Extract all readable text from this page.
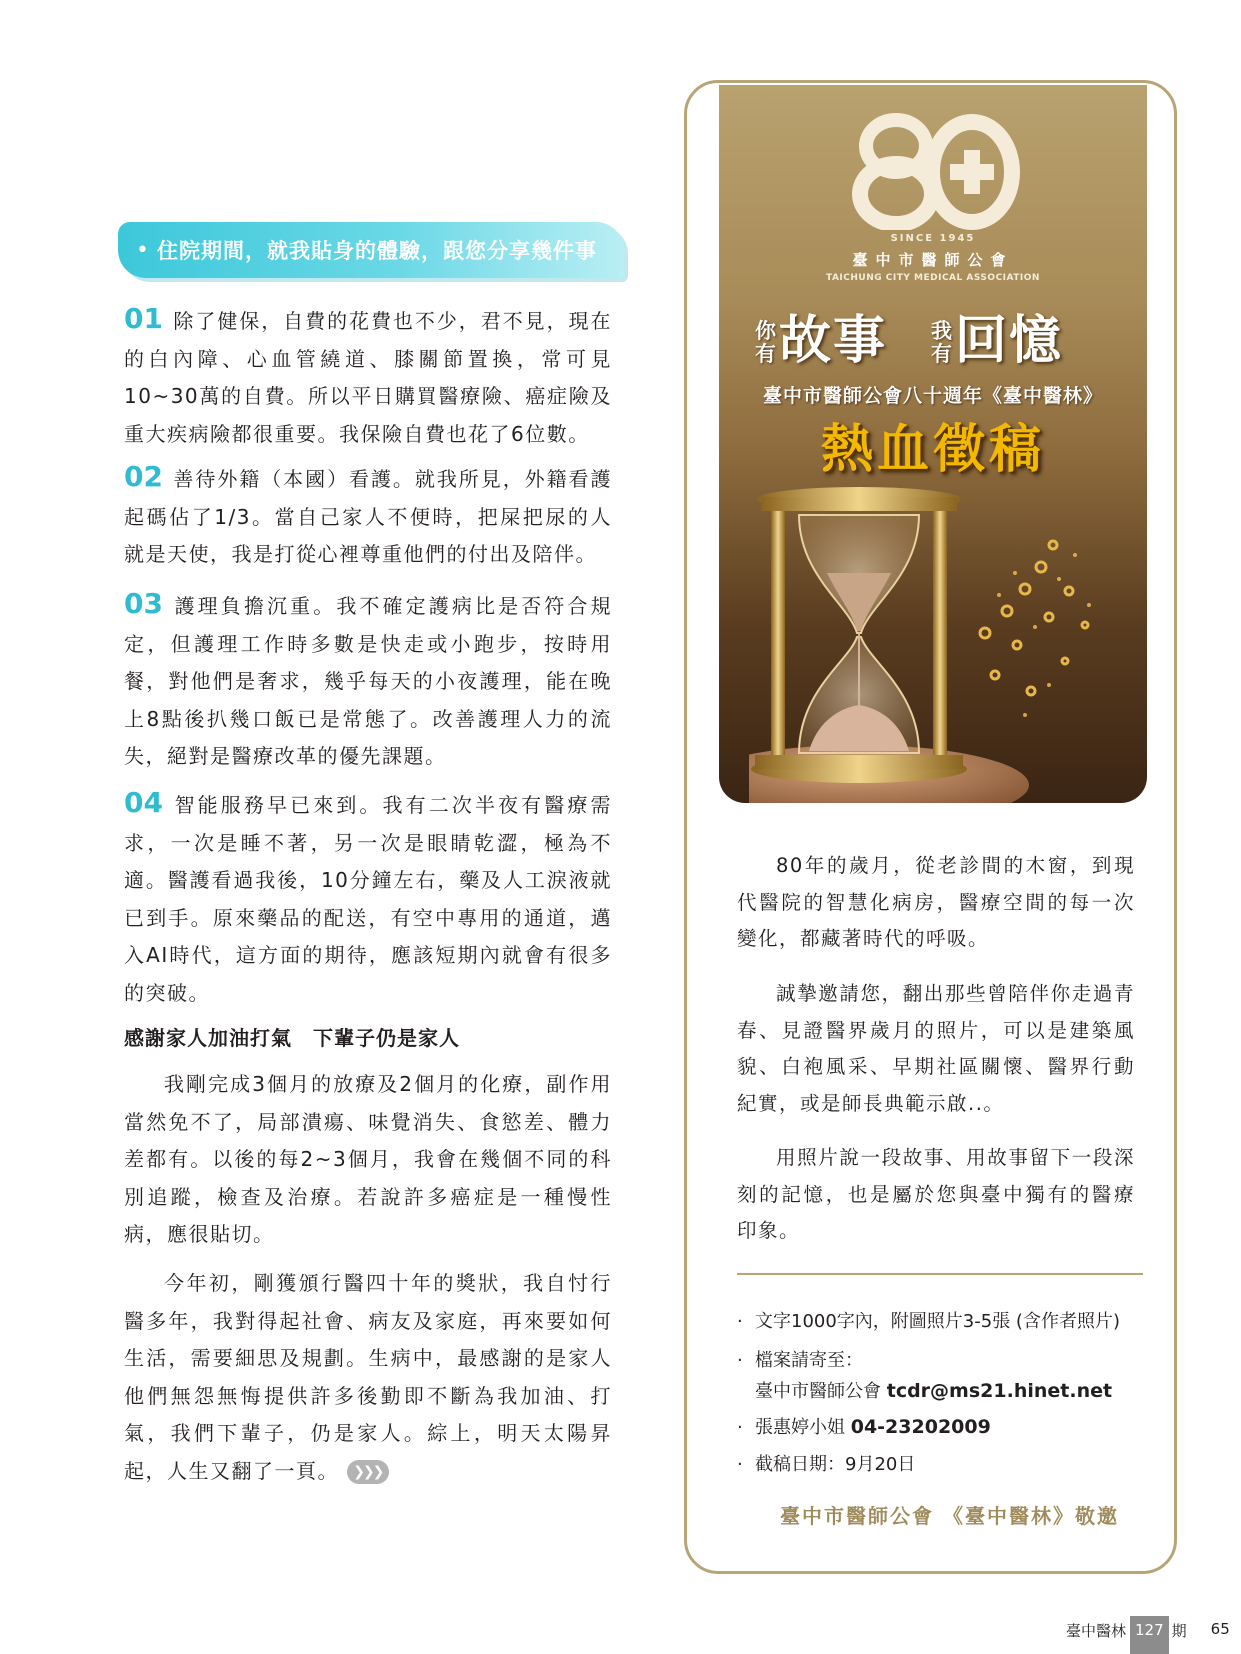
• 住院期間，就我貼身的體驗，跟您分享幾件事
01 除了健保，自費的花費也不少，君不見，現在的白內障、心血管繞道、膝關節置換，常可見10~30萬的自費。所以平日購買醫療險、癌症險及重大疾病險都很重要。我保險自費也花了6位數。
02 善待外籍（本國）看護。就我所見，外籍看護起碼佔了1/3。當自己家人不便時，把屎把尿的人就是天使，我是打從心裡尊重他們的付出及陪伴。
03 護理負擔沉重。我不確定護病比是否符合規定，但護理工作時多數是快走或小跑步，按時用餐，對他們是奢求，幾乎每天的小夜護理，能在晚上8點後扒幾口飯已是常態了。改善護理人力的流失，絕對是醫療改革的優先課題。
04 智能服務早已來到。我有二次半夜有醫療需求，一次是睡不著，另一次是眼睛乾澀，極為不適。醫護看過我後，10分鐘左右，藥及人工淚液就已到手。原來藥品的配送，有空中專用的通道，邁入AI時代，這方面的期待，應該短期內就會有很多的突破。
感謝家人加油打氣　下輩子仍是家人
我剛完成3個月的放療及2個月的化療，副作用當然免不了，局部潰瘍、味覺消失、食慾差、體力差都有。以後的每2~3個月，我會在幾個不同的科別追蹤，檢查及治療。若說許多癌症是一種慢性病，應很貼切。
今年初，剛獲頒行醫四十年的獎狀，我自忖行醫多年，我對得起社會、病友及家庭，再來要如何生活，需要細思及規劃。生病中，最感謝的是家人他們無怨無悔提供許多後勤即不斷為我加油、打氣，我們下輩子，仍是家人。綜上，明天太陽昇起，人生又翻了一頁。 ❯❯❯
SINCE 1945
臺中市醫師公會
TAICHUNG CITY MEDICAL ASSOCIATION
你
有 故事 我
有 回憶
臺中市醫師公會八十週年《臺中醫林》
熱血徵稿
80年的歲月，從老診間的木窗，到現代醫院的智慧化病房，醫療空間的每一次變化，都藏著時代的呼吸。
誠摯邀請您，翻出那些曾陪伴你走過青春、見證醫界歲月的照片，可以是建築風貌、白袍風采、早期社區關懷、醫界行動紀實，或是師長典範示啟..。
用照片說一段故事、用故事留下一段深刻的記憶，也是屬於您與臺中獨有的醫療印象。
· 文字1000字內，附圖照片3-5張 (含作者照片)
· 檔案請寄至：
臺中市醫師公會 tcdr@ms21.hinet.net
· 張惠婷小姐 04-23202009
· 截稿日期：9月20日
臺中市醫師公會 《臺中醫林》敬邀
臺中醫林 127 期 65
